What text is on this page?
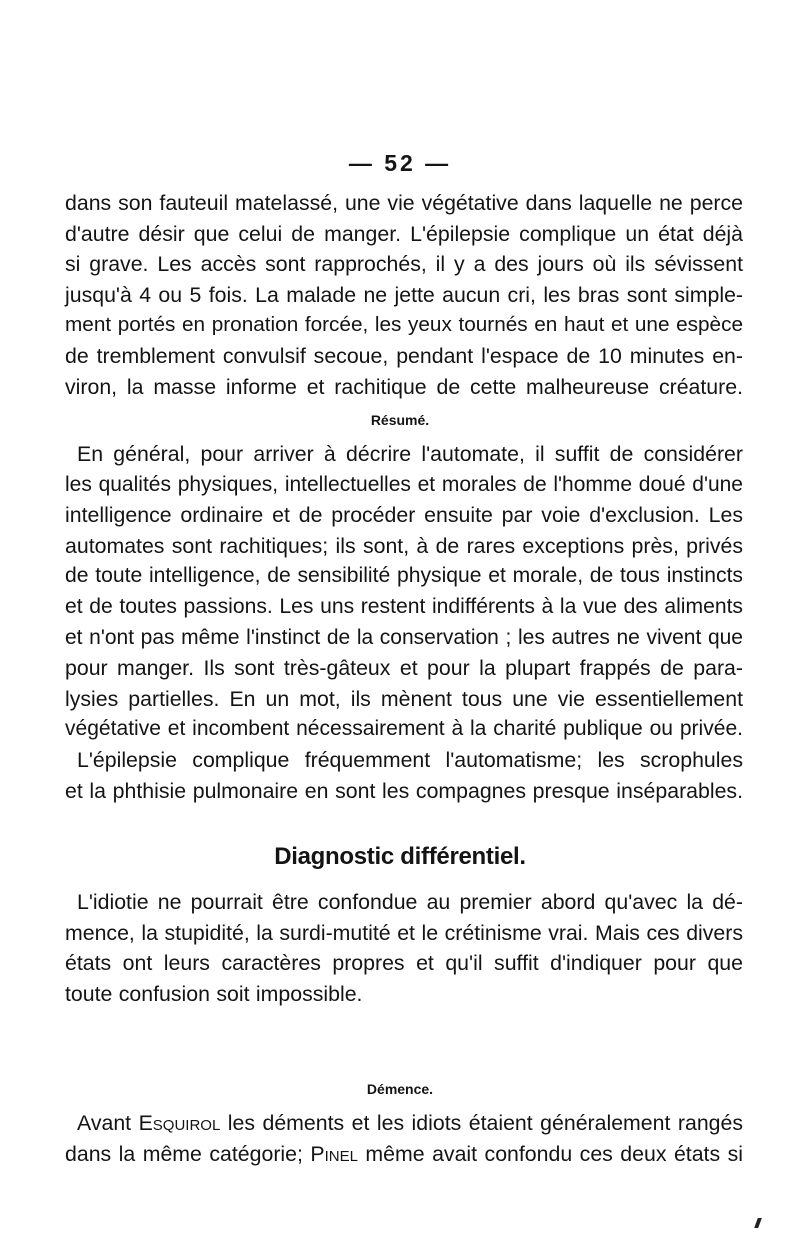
— 52 —
dans son fauteuil matelassé, une vie végétative dans laquelle ne perce
d'autre désir que celui de manger. L'épilepsie complique un état déjà
si grave. Les accès sont rapprochés, il y a des jours où ils sévissent
jusqu'à 4 ou 5 fois. La malade ne jette aucun cri, les bras sont simple-
ment portés en pronation forcée, les yeux tournés en haut et une espèce
de tremblement convulsif secoue, pendant l'espace de 10 minutes en-
viron, la masse informe et rachitique de cette malheureuse créature.
Résumé.
En général, pour arriver à décrire l'automate, il suffit de considérer
les qualités physiques, intellectuelles et morales de l'homme doué d'une
intelligence ordinaire et de procéder ensuite par voie d'exclusion. Les
automates sont rachitiques; ils sont, à de rares exceptions près, privés
de toute intelligence, de sensibilité physique et morale, de tous instincts
et de toutes passions. Les uns restent indifférents à la vue des aliments
et n'ont pas même l'instinct de la conservation ; les autres ne vivent que
pour manger. Ils sont très-gâteux et pour la plupart frappés de para-
lysies partielles. En un mot, ils mènent tous une vie essentiellement
végétative et incombent nécessairement à la charité publique ou privée.
L'épilepsie complique fréquemment l'automatisme; les scrophules
et la phthisie pulmonaire en sont les compagnes presque inséparables.
Diagnostic différentiel.
L'idiotie ne pourrait être confondue au premier abord qu'avec la dé-
mence, la stupidité, la surdi-mutité et le crétinisme vrai. Mais ces divers
états ont leurs caractères propres et qu'il suffit d'indiquer pour que
toute confusion soit impossible.
Démence.
Avant Esquirol les déments et les idiots étaient généralement rangés
dans la même catégorie; Pinel même avait confondu ces deux états si
